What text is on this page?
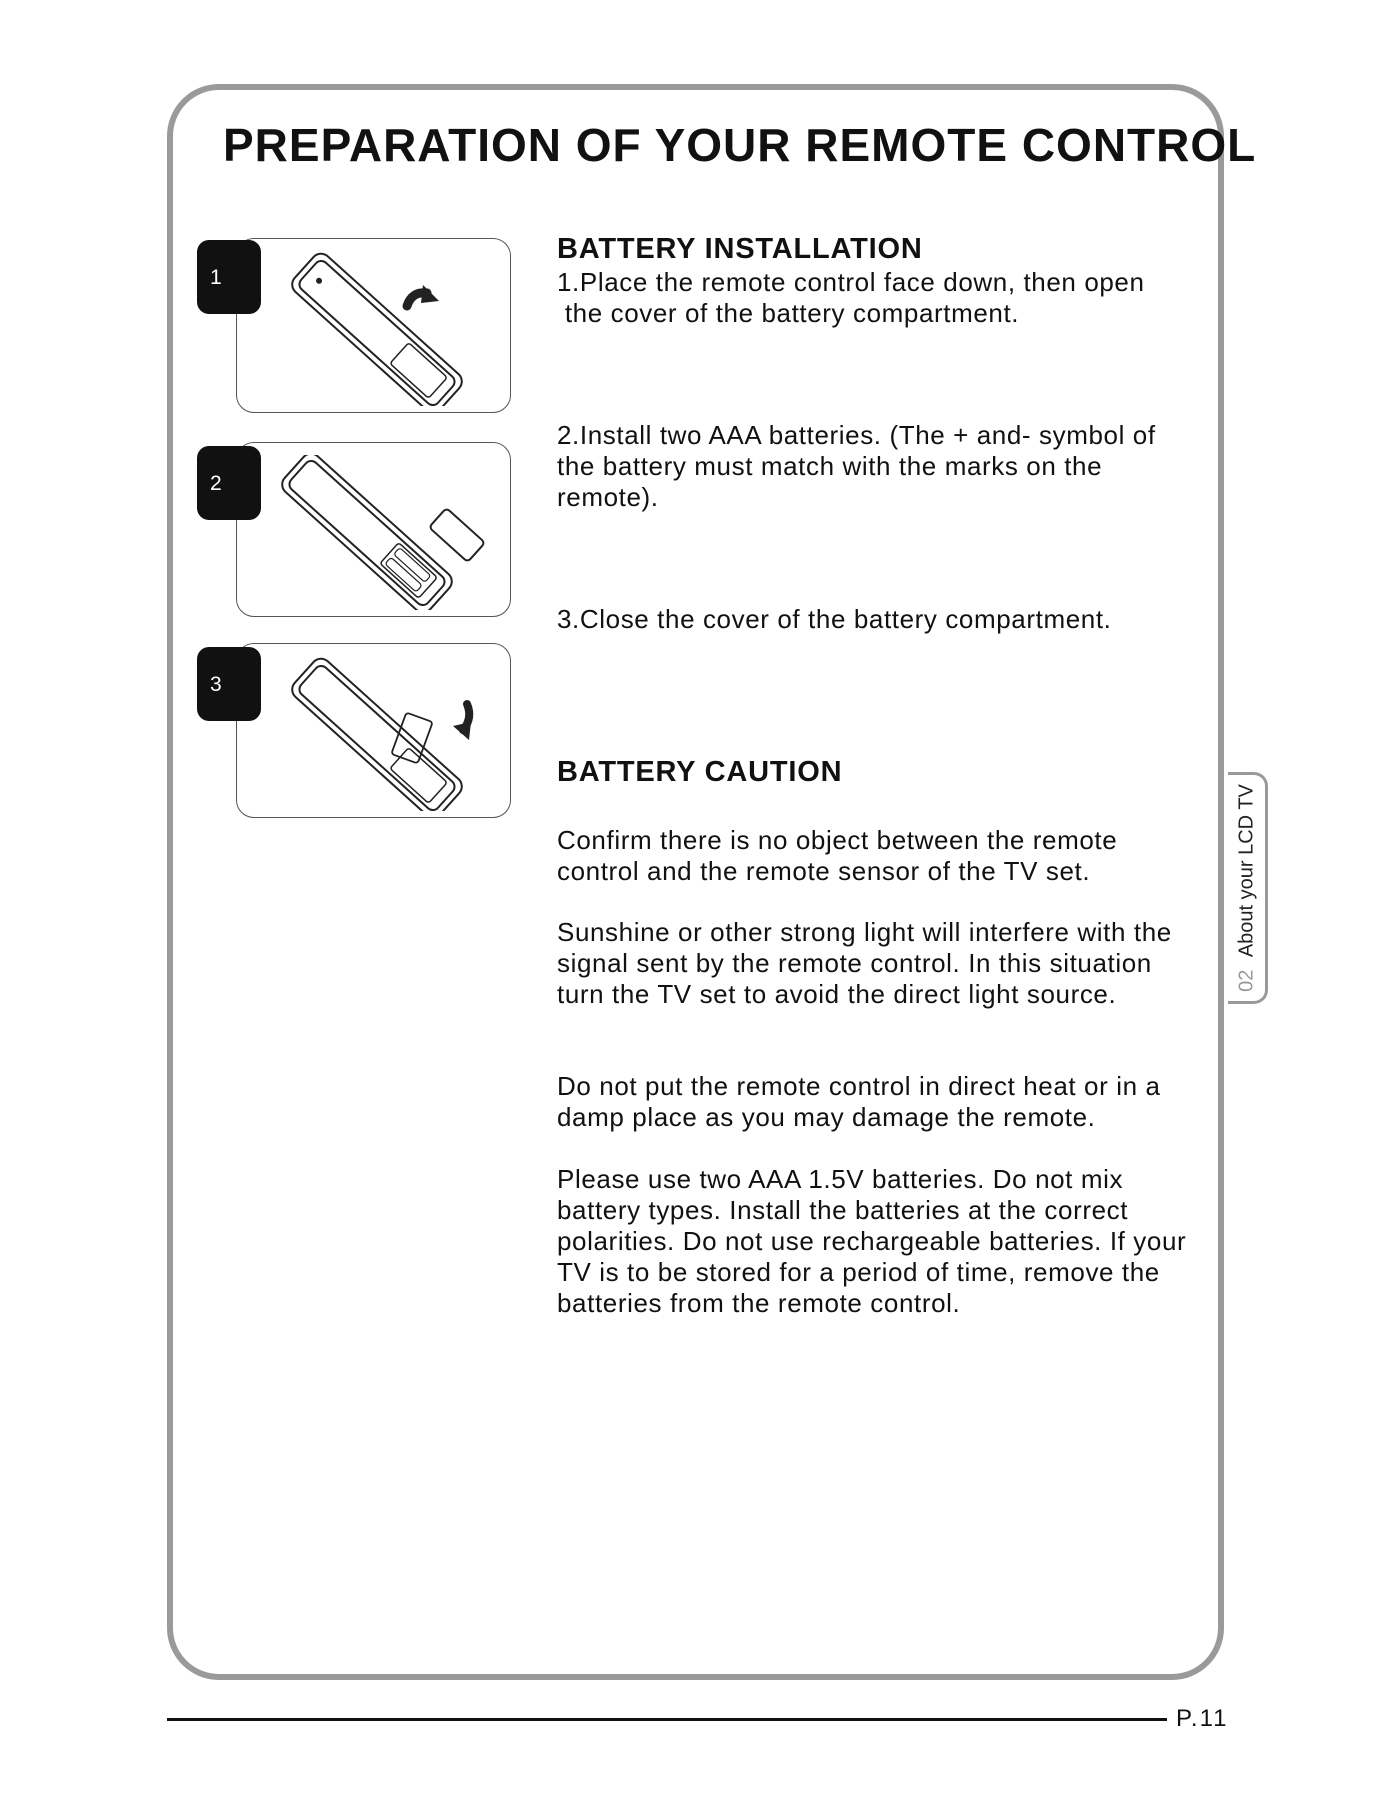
PREPARATION OF YOUR REMOTE CONTROL
1
2
3
BATTERY INSTALLATION

1.Place the remote control face down, then open

the cover of the battery compartment.

2.Install two AAA batteries. (The + and- symbol of the battery must match with the marks on the remote).

3.Close the cover of the battery compartment.

BATTERY CAUTION

Confirm there is no object between the remote control and the remote sensor of the TV set.

Sunshine or other strong light will interfere with the signal sent by the remote control. In this situation turn the TV set to avoid the direct light source.

Do not put the remote control in direct heat or in a damp place as you may damage the remote.

Please use two AAA 1.5V batteries. Do not mix battery types. Install the batteries at the correct polarities. Do not use rechargeable batteries. If your TV is to be stored for a period of time, remove the batteries from the remote control.

02 About your LCD TV
P.11
